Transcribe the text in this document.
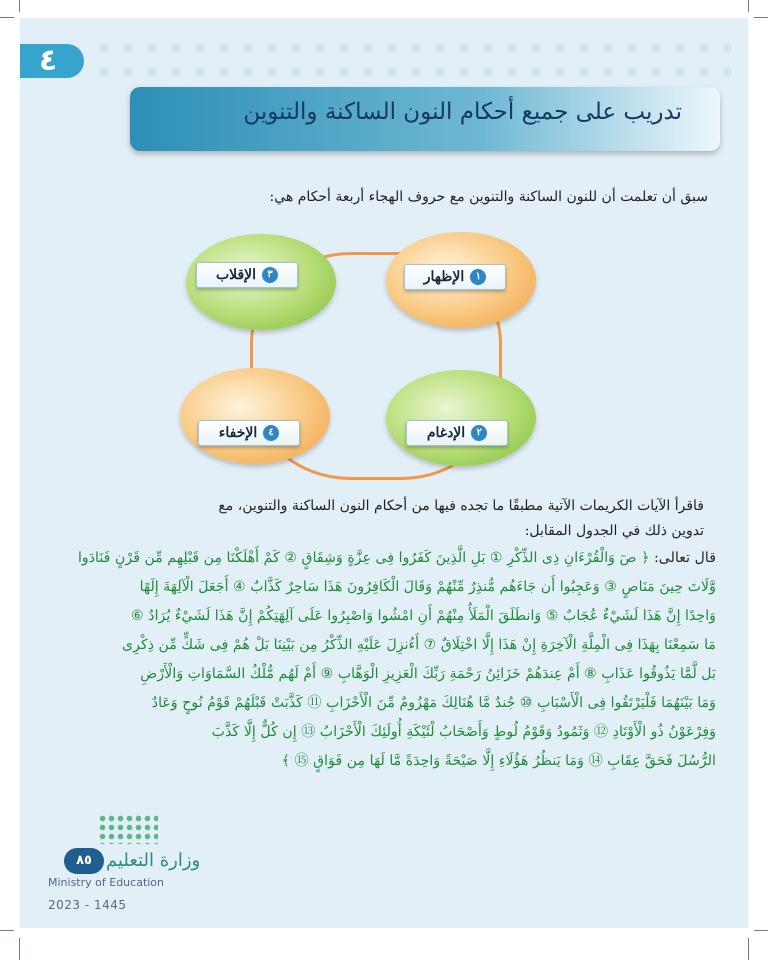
٤
تدريب على جميع أحكام النون الساكنة والتنوين
سبق أن تعلمت أن للنون الساكنة والتنوين مع حروف الهجاء أربعة أحكام هي:
١الإظهار
٢الإدغام
٣الإقلاب
٤الإخفاء
فاقرأ الآيات الكريمات الآتية مطبقًا ما تجده فيها من أحكام النون الساكنة والتنوين، مع
تدوين ذلك في الجدول المقابل:
قال تعالى: ﴿ صٓ وَالْقُرْءَانِ ذِى الذِّكْرِ ① بَلِ الَّذِينَ كَفَرُوا فِى عِزَّةٍ وَشِقَاقٍ ② كَمْ أَهْلَكْنَا مِن قَبْلِهِم مِّن قَرْنٍ فَنَادَوا
وَّلَاتَ حِينَ مَنَاصٍ ③ وَعَجِبُوا أَن جَاءَهُم مُّنذِرٌ مِّنْهُمْ وَقَالَ الْكَافِرُونَ هَذَا سَاحِرٌ كَذَّابٌ ④ أَجَعَلَ الْآلِهَةَ إِلَهًا
وَاحِدًا إِنَّ هَذَا لَشَيْءٌ عُجَابٌ ⑤ وَانطَلَقَ الْمَلَأُ مِنْهُمْ أَنِ امْشُوا وَاصْبِرُوا عَلَى آلِهَتِكُمْ إِنَّ هَذَا لَشَيْءٌ يُرَادُ ⑥
مَا سَمِعْنَا بِهَذَا فِى الْمِلَّةِ الْآخِرَةِ إِنْ هَذَا إِلَّا اخْتِلَاقٌ ⑦ أَءُنزِلَ عَلَيْهِ الذِّكْرُ مِن بَيْنِنَا بَلْ هُمْ فِى شَكٍّ مِّن ذِكْرِى
بَل لَّمَّا يَذُوقُوا عَذَابِ ⑧ أَمْ عِندَهُمْ خَزَائِنُ رَحْمَةِ رَبِّكَ الْعَزِيزِ الْوَهَّابِ ⑨ أَمْ لَهُم مُّلْكُ السَّمَاوَاتِ وَالْأَرْضِ
وَمَا بَيْنَهُمَا فَلْيَرْتَقُوا فِى الْأَسْبَابِ ⑩ جُندٌ مَّا هُنَالِكَ مَهْزُومٌ مِّنَ الْأَحْزَابِ ⑪ كَذَّبَتْ قَبْلَهُمْ قَوْمُ نُوحٍ وَعَادٌ
وَفِرْعَوْنُ ذُو الْأَوْتَادِ ⑫ وَثَمُودُ وَقَوْمُ لُوطٍ وَأَصْحَابُ لْئَيْكَةِ أُولَئِكَ الْأَحْزَابُ ⑬ إِن كُلٌّ إِلَّا كَذَّبَ
الرُّسُلَ فَحَقَّ عِقَابِ ⑭ وَمَا يَنظُرُ هَؤُلَاءِ إِلَّا صَيْحَةً وَاحِدَةً مَّا لَهَا مِن فَوَاقٍ ⑮ ﴾
٨٥ وزارة التعليم
Ministry of Education
2023 - 1445
